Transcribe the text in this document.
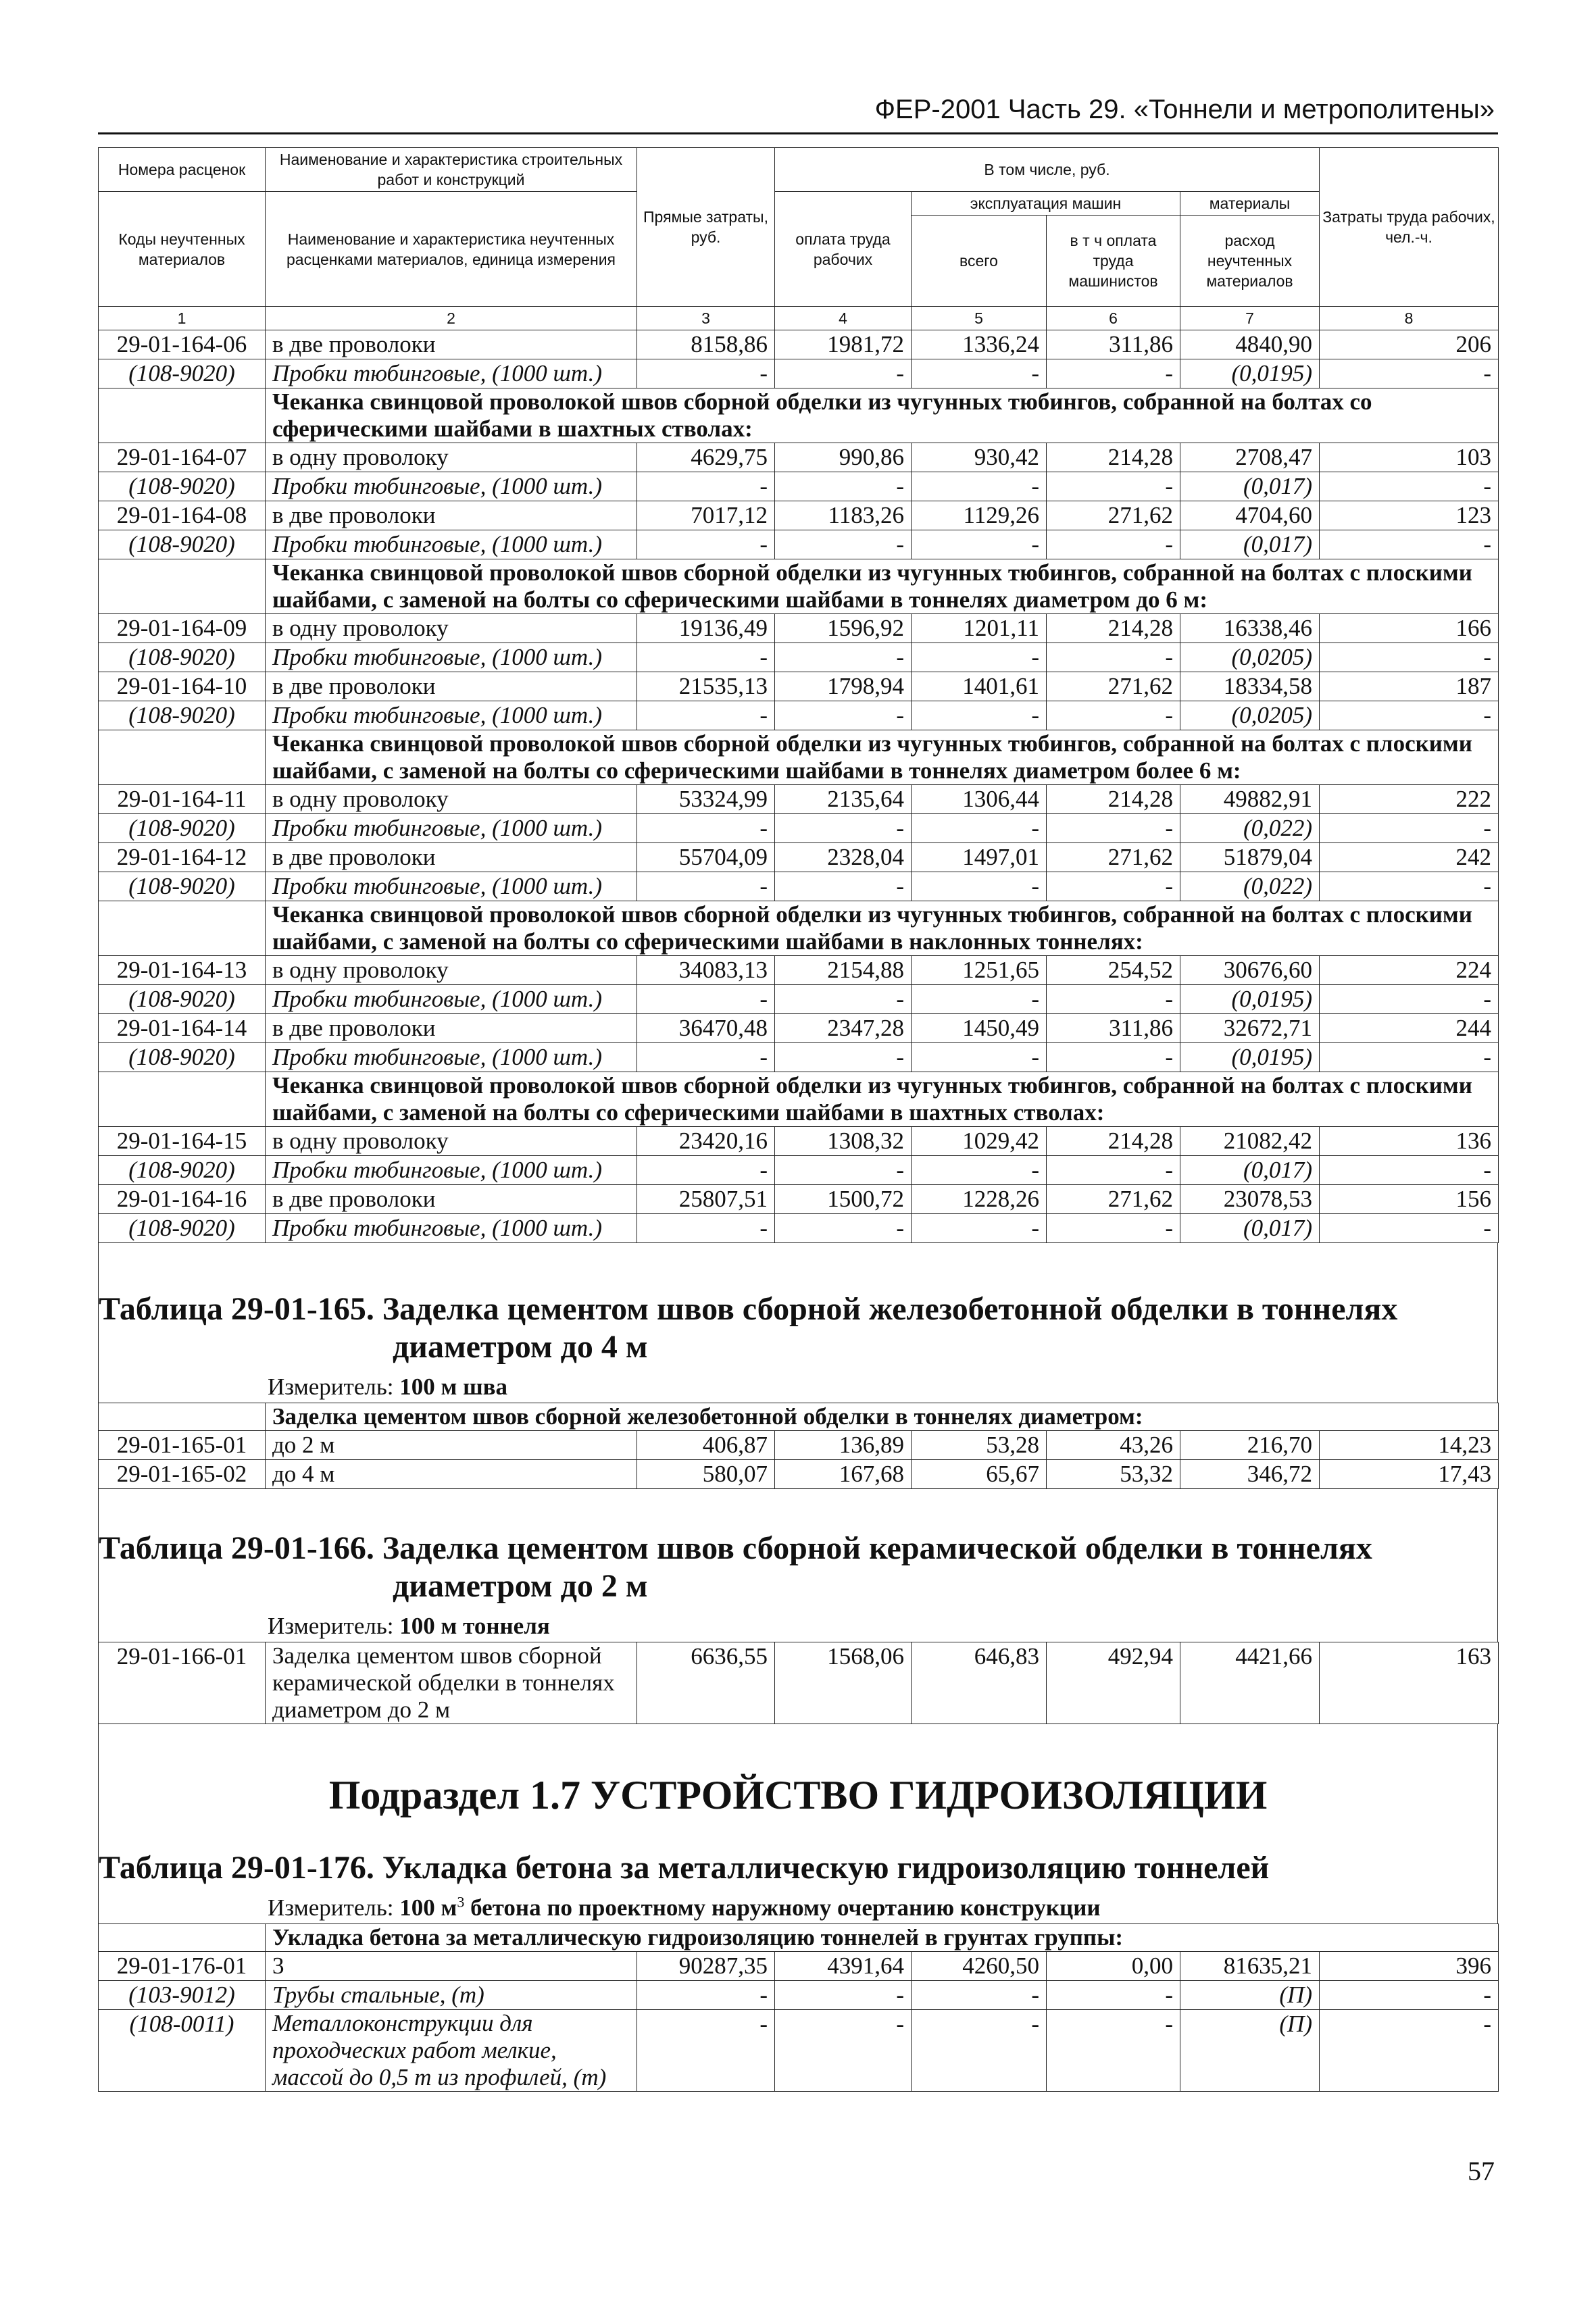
ФЕР-2001 Часть 29. «Тоннели и метрополитены»
Номера расценок	Наименование и характеристика строительных работ и конструкций	Прямые затраты, руб.	В том числе, руб.				Затраты труда рабочих, чел.-ч.
Коды неучтенных материалов	Наименование и характеристика неучтенных расценками материалов, единица измерения		оплата труда рабочих	эксплуатация машин		материалы	
				всего	в т ч оплата труда машинистов	расход неучтенных материалов	
1	2	3	4	5	6	7	8
29-01-164-06	в две проволоки	8158,86	1981,72	1336,24	311,86	4840,90	206
(108-9020)	Пробки тюбинговые, (1000 шт.)	-	-	-	-	(0,0195)	-
	Чеканка свинцовой проволокой швов сборной обделки из чугунных тюбингов, собранной на болтах со сферическими шайбами в шахтных стволах:						
29-01-164-07	в одну проволоку	4629,75	990,86	930,42	214,28	2708,47	103
(108-9020)	Пробки тюбинговые, (1000 шт.)	-	-	-	-	(0,017)	-
29-01-164-08	в две проволоки	7017,12	1183,26	1129,26	271,62	4704,60	123
(108-9020)	Пробки тюбинговые, (1000 шт.)	-	-	-	-	(0,017)	-
	Чеканка свинцовой проволокой швов сборной обделки из чугунных тюбингов, собранной на болтах с плоскими шайбами, с заменой на болты со сферическими шайбами в тоннелях диаметром до 6 м:						
29-01-164-09	в одну проволоку	19136,49	1596,92	1201,11	214,28	16338,46	166
(108-9020)	Пробки тюбинговые, (1000 шт.)	-	-	-	-	(0,0205)	-
29-01-164-10	в две проволоки	21535,13	1798,94	1401,61	271,62	18334,58	187
(108-9020)	Пробки тюбинговые, (1000 шт.)	-	-	-	-	(0,0205)	-
	Чеканка свинцовой проволокой швов сборной обделки из чугунных тюбингов, собранной на болтах с плоскими шайбами, с заменой на болты со сферическими шайбами в тоннелях диаметром более 6 м:						
29-01-164-11	в одну проволоку	53324,99	2135,64	1306,44	214,28	49882,91	222
(108-9020)	Пробки тюбинговые, (1000 шт.)	-	-	-	-	(0,022)	-
29-01-164-12	в две проволоки	55704,09	2328,04	1497,01	271,62	51879,04	242
(108-9020)	Пробки тюбинговые, (1000 шт.)	-	-	-	-	(0,022)	-
	Чеканка свинцовой проволокой швов сборной обделки из чугунных тюбингов, собранной на болтах с плоскими шайбами, с заменой на болты со сферическими шайбами в наклонных тоннелях:						
29-01-164-13	в одну проволоку	34083,13	2154,88	1251,65	254,52	30676,60	224
(108-9020)	Пробки тюбинговые, (1000 шт.)	-	-	-	-	(0,0195)	-
29-01-164-14	в две проволоки	36470,48	2347,28	1450,49	311,86	32672,71	244
(108-9020)	Пробки тюбинговые, (1000 шт.)	-	-	-	-	(0,0195)	-
	Чеканка свинцовой проволокой швов сборной обделки из чугунных тюбингов, собранной на болтах с плоскими шайбами, с заменой на болты со сферическими шайбами в шахтных стволах:						
29-01-164-15	в одну проволоку	23420,16	1308,32	1029,42	214,28	21082,42	136
(108-9020)	Пробки тюбинговые, (1000 шт.)	-	-	-	-	(0,017)	-
29-01-164-16	в две проволоки	25807,51	1500,72	1228,26	271,62	23078,53	156
(108-9020)	Пробки тюбинговые, (1000 шт.)	-	-	-	-	(0,017)	-
Таблица 29-01-165. Заделка цементом швов сборной железобетонной обделки в тоннелях
диаметром до 4 м
Измеритель: 100 м шва
	Заделка цементом швов сборной железобетонной обделки в тоннелях диаметром:						
29-01-165-01	до 2 м	406,87	136,89	53,28	43,26	216,70	14,23
29-01-165-02	до 4 м	580,07	167,68	65,67	53,32	346,72	17,43
Таблица 29-01-166. Заделка цементом швов сборной керамической обделки в тоннелях
диаметром до 2 м
Измеритель: 100 м тоннеля
29-01-166-01	Заделка цементом швов сборной керамической обделки в тоннелях диаметром до 2 м	6636,55	1568,06	646,83	492,94	4421,66	163
Подраздел 1.7 УСТРОЙСТВО ГИДРОИЗОЛЯЦИИ
Таблица 29-01-176. Укладка бетона за металлическую гидроизоляцию тоннелей
Измеритель: 100 $м^3$ бетона по проектному наружному очертанию конструкции
	Укладка бетона за металлическую гидроизоляцию тоннелей в грунтах группы:						
29-01-176-01	3	90287,35	4391,64	4260,50	0,00	81635,21	396
(103-9012)	Трубы стальные, (т)	-	-	-	-	(П)	-
(108-0011)	Металлоконструкции для проходческих работ мелкие, массой до 0,5 т из профилей, (т)	-	-	-	-	(П)	-
57
